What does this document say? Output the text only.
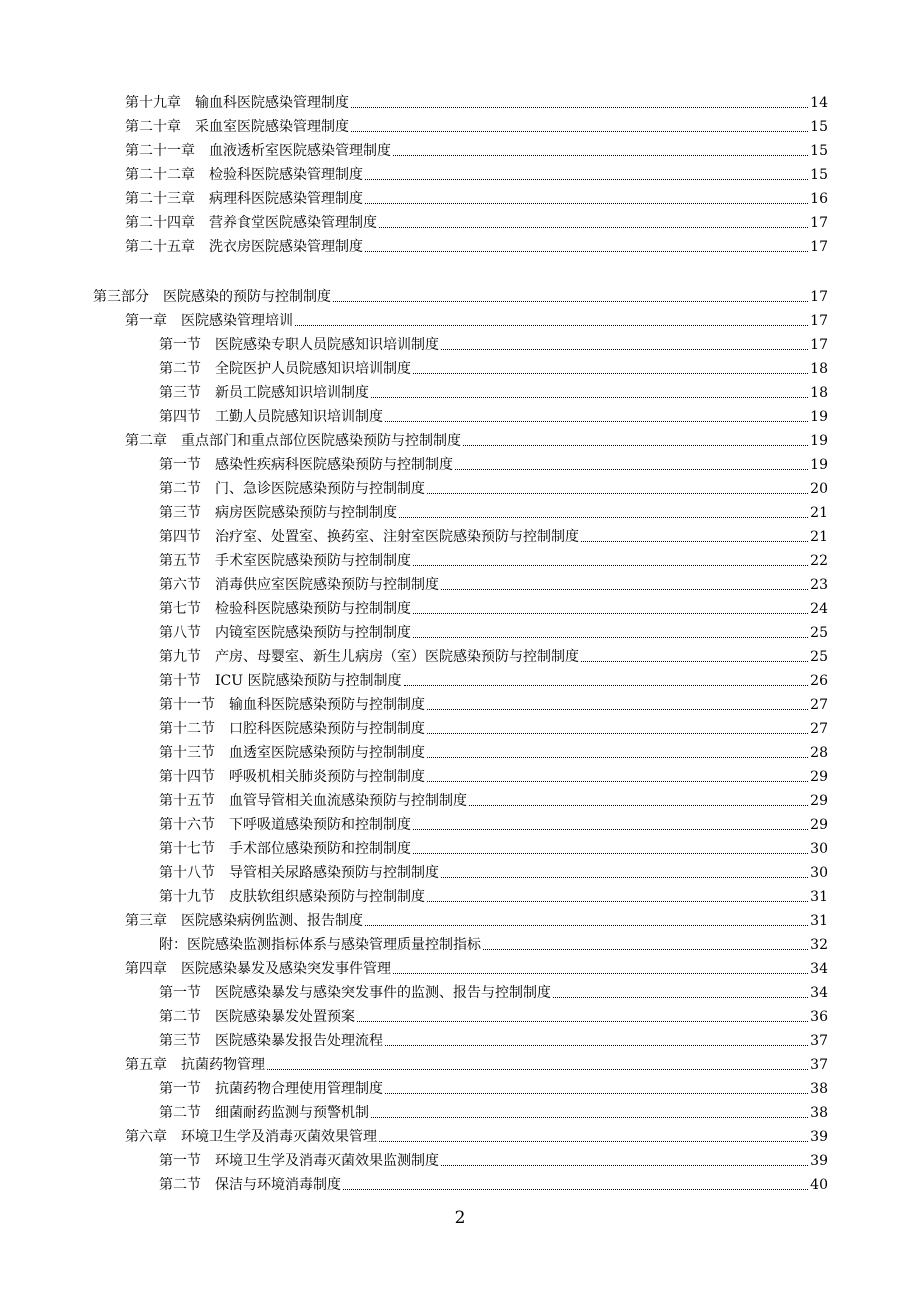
第十九章　输血科医院感染管理制度	14
第二十章　采血室医院感染管理制度	15
第二十一章　血液透析室医院感染管理制度	15
第二十二章　检验科医院感染管理制度	15
第二十三章　病理科医院感染管理制度	16
第二十四章　营养食堂医院感染管理制度	17
第二十五章　洗衣房医院感染管理制度	17
第三部分　医院感染的预防与控制制度	17
第一章　医院感染管理培训	17
第一节　医院感染专职人员院感知识培训制度	17
第二节　全院医护人员院感知识培训制度	18
第三节　新员工院感知识培训制度	18
第四节　工勤人员院感知识培训制度	19
第二章　重点部门和重点部位医院感染预防与控制制度	19
第一节　感染性疾病科医院感染预防与控制制度	19
第二节　门、急诊医院感染预防与控制制度	20
第三节　病房医院感染预防与控制制度	21
第四节　治疗室、处置室、换药室、注射室医院感染预防与控制制度	21
第五节　手术室医院感染预防与控制制度	22
第六节　消毒供应室医院感染预防与控制制度	23
第七节　检验科医院感染预防与控制制度	24
第八节　内镜室医院感染预防与控制制度	25
第九节　产房、母婴室、新生儿病房（室）医院感染预防与控制制度	25
第十节　ICU 医院感染预防与控制制度	26
第十一节　输血科医院感染预防与控制制度	27
第十二节　口腔科医院感染预防与控制制度	27
第十三节　血透室医院感染预防与控制制度	28
第十四节　呼吸机相关肺炎预防与控制制度	29
第十五节　血管导管相关血流感染预防与控制制度	29
第十六节　下呼吸道感染预防和控制制度	29
第十七节　手术部位感染预防和控制制度	30
第十八节　导管相关尿路感染预防与控制制度	30
第十九节　皮肤软组织感染预防与控制制度	31
第三章　医院感染病例监测、报告制度	31
附：医院感染监测指标体系与感染管理质量控制指标	32
第四章　医院感染暴发及感染突发事件管理	34
第一节　医院感染暴发与感染突发事件的监测、报告与控制制度	34
第二节　医院感染暴发处置预案	36
第三节　医院感染暴发报告处理流程	37
第五章　抗菌药物管理	37
第一节　抗菌药物合理使用管理制度	38
第二节　细菌耐药监测与预警机制	38
第六章　环境卫生学及消毒灭菌效果管理	39
第一节　环境卫生学及消毒灭菌效果监测制度	39
第二节　保洁与环境消毒制度	40
2
